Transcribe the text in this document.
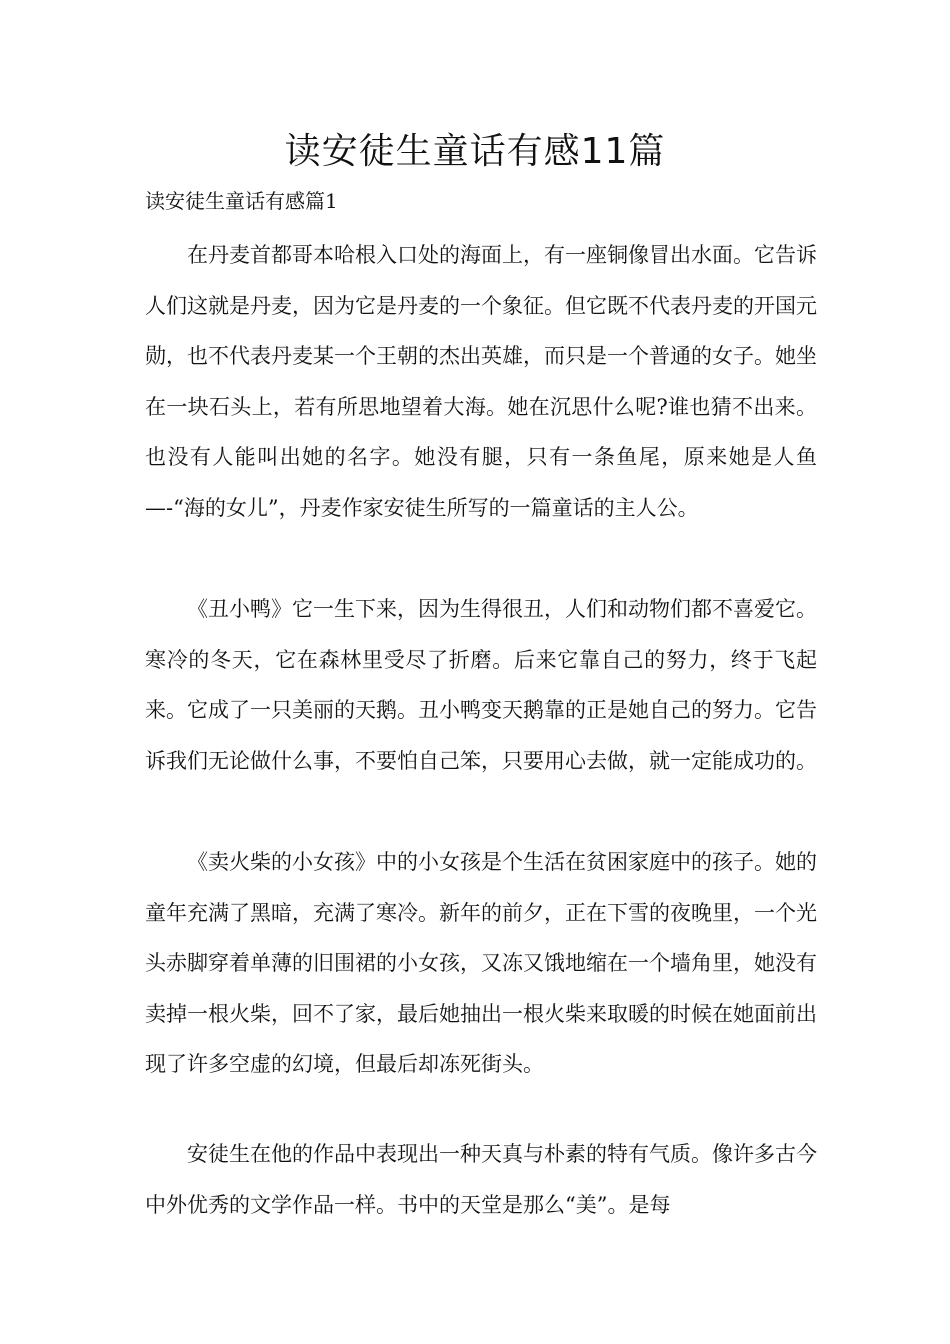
读安徒生童话有感11篇
读安徒生童话有感篇1

在丹麦首都哥本哈根入口处的海面上，有一座铜像冒出水面。它告诉人们这就是丹麦，因为它是丹麦的一个象征。但它既不代表丹麦的开国元勋，也不代表丹麦某一个王朝的杰出英雄，而只是一个普通的女子。她坐在一块石头上，若有所思地望着大海。她在沉思什么呢?谁也猜不出来。也没有人能叫出她的名字。她没有腿，只有一条鱼尾，原来她是人鱼—-“海的女儿”，丹麦作家安徒生所写的一篇童话的主人公。

《丑小鸭》它一生下来，因为生得很丑，人们和动物们都不喜爱它。寒冷的冬天，它在森林里受尽了折磨。后来它靠自己的努力，终于飞起来。它成了一只美丽的天鹅。丑小鸭变天鹅靠的正是她自己的努力。它告诉我们无论做什么事，不要怕自己笨，只要用心去做，就一定能成功的。

《卖火柴的小女孩》中的小女孩是个生活在贫困家庭中的孩子。她的童年充满了黑暗，充满了寒冷。新年的前夕，正在下雪的夜晚里，一个光头赤脚穿着单薄的旧围裙的小女孩，又冻又饿地缩在一个墙角里，她没有卖掉一根火柴，回不了家，最后她抽出一根火柴来取暖的时候在她面前出现了许多空虚的幻境，但最后却冻死街头。

安徒生在他的作品中表现出一种天真与朴素的特有气质。像许多古今中外优秀的文学作品一样。书中的天堂是那么“美”。是每
